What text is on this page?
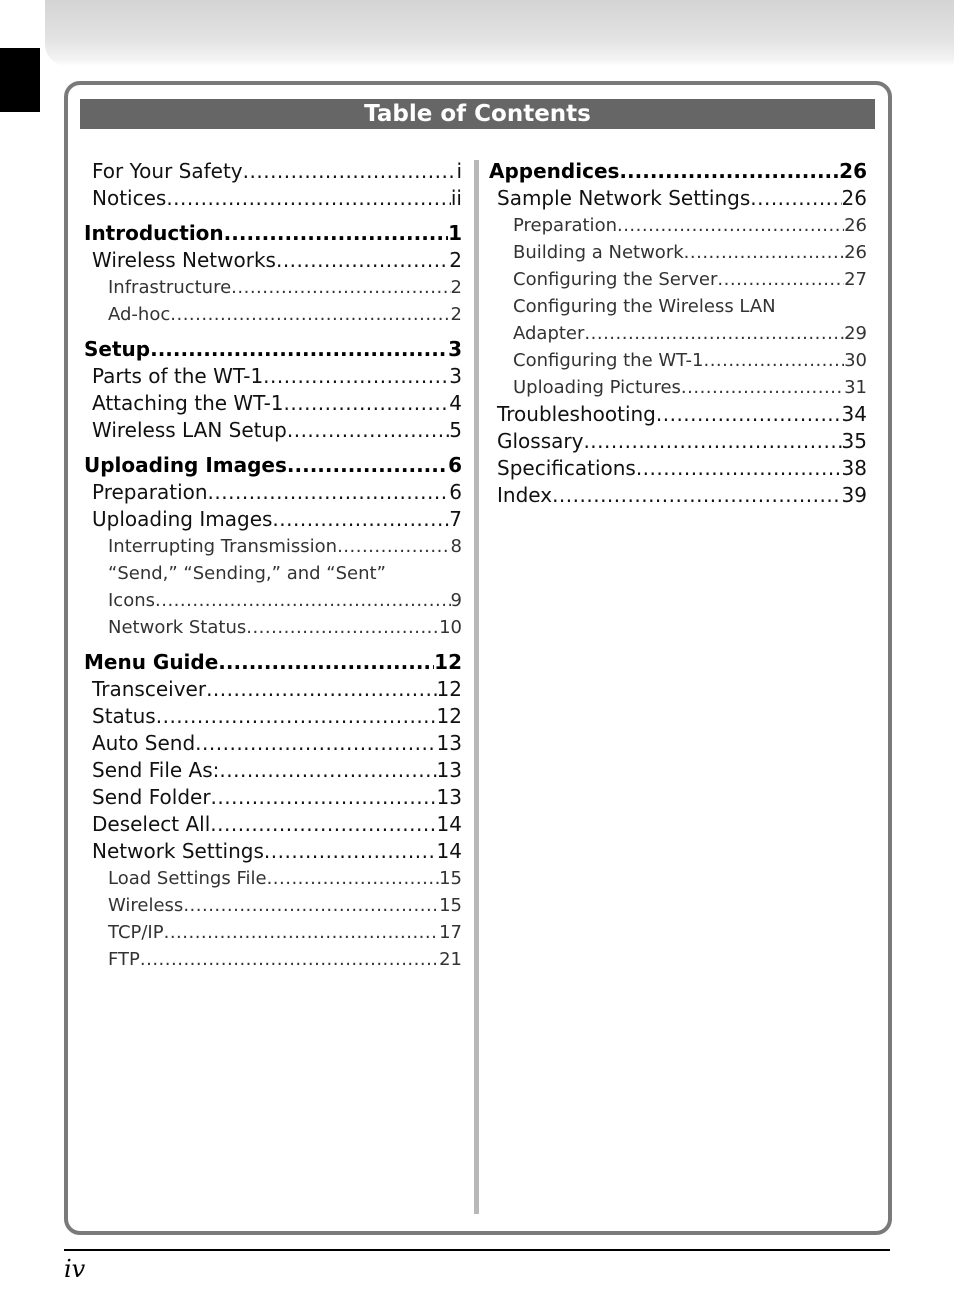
Table of Contents
For Your Safety .....	i
Notices .....	ii
Introduction .....	1
Wireless Networks .....	2
Infrastructure .....	2
Ad-hoc .....	2
Setup .....	3
Parts of the WT-1 .....	3
Attaching the WT-1 .....	4
Wireless LAN Setup .....	5
Uploading Images .....	6
Preparation .....	6
Uploading Images .....	7
Interrupting Transmission .....	8
“Send,” “Sending,” and “Sent”
Icons .....	9
Network Status .....	10
Menu Guide .....	12
Transceiver .....	12
Status .....	12
Auto Send .....	13
Send File As: .....	13
Send Folder .....	13
Deselect All .....	14
Network Settings .....	14
Load Settings File .....	15
Wireless .....	15
TCP/IP .....	17
FTP .....	21
Appendices .....	26
Sample Network Settings .....	26
Preparation .....	26
Building a Network .....	26
Configuring the Server .....	27
Configuring the Wireless LAN
Adapter .....	29
Configuring the WT-1 .....	30
Uploading Pictures .....	31
Troubleshooting .....	34
Glossary .....	35
Specifications .....	38
Index .....	39
iv
